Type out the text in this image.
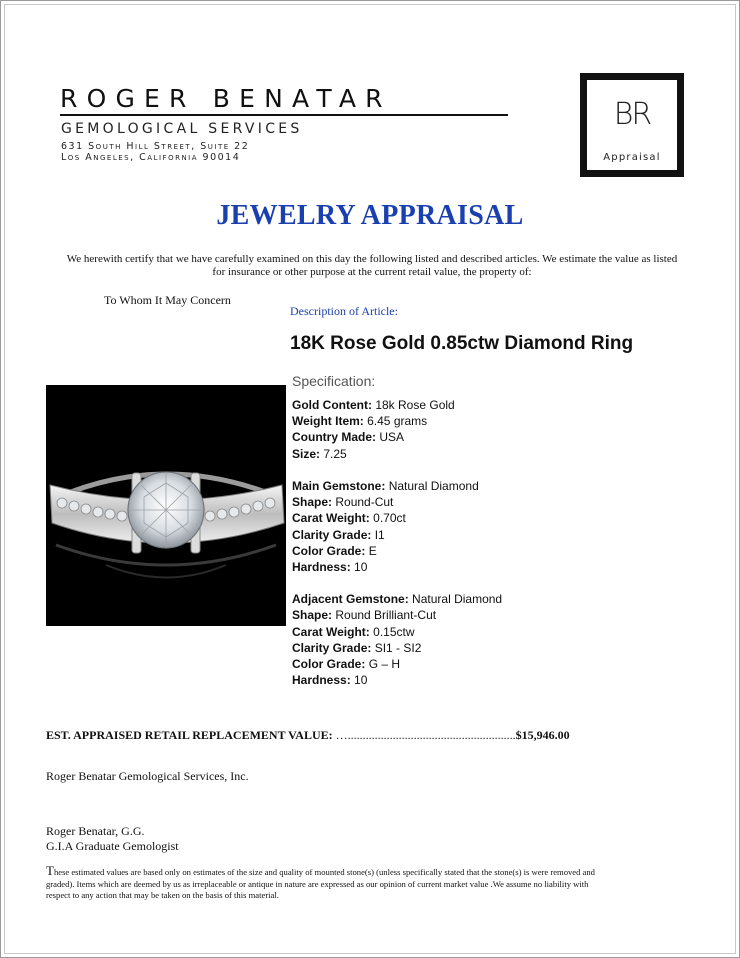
ROGER BENATAR
GEMOLOGICAL SERVICES
631 South Hill Street, Suite 22
Los Angeles, California 90014
BR
Appraisal
JEWELRY APPRAISAL
We herewith certify that we have carefully examined on this day the following listed and described articles. We estimate the value as listed for insurance or other purpose at the current retail value, the property of:
To Whom It May Concern
Description of Article:
18K Rose Gold 0.85ctw Diamond Ring
Specification:
Gold Content: 18k Rose Gold
Weight Item: 6.45 grams
Country Made: USA
Size: 7.25
Main Gemstone: Natural Diamond
Shape: Round-Cut
Carat Weight: 0.70ct
Clarity Grade: I1
Color Grade: E
Hardness: 10
Adjacent Gemstone: Natural Diamond
Shape: Round Brilliant-Cut
Carat Weight: 0.15ctw
Clarity Grade: SI1 - SI2
Color Grade: G – H
Hardness: 10
EST. APPRAISED RETAIL REPLACEMENT VALUE: …........................................................$15,946.00
Roger Benatar Gemological Services, Inc.
Roger Benatar, G.G.
G.I.A Graduate Gemologist
These estimated values are based only on estimates of the size and quality of mounted stone(s) (unless specifically stated that the stone(s) is were removed and graded). Items which are deemed by us as irreplaceable or antique in nature are expressed as our opinion of current market value .We assume no liability with respect to any action that may be taken on the basis of this material.
